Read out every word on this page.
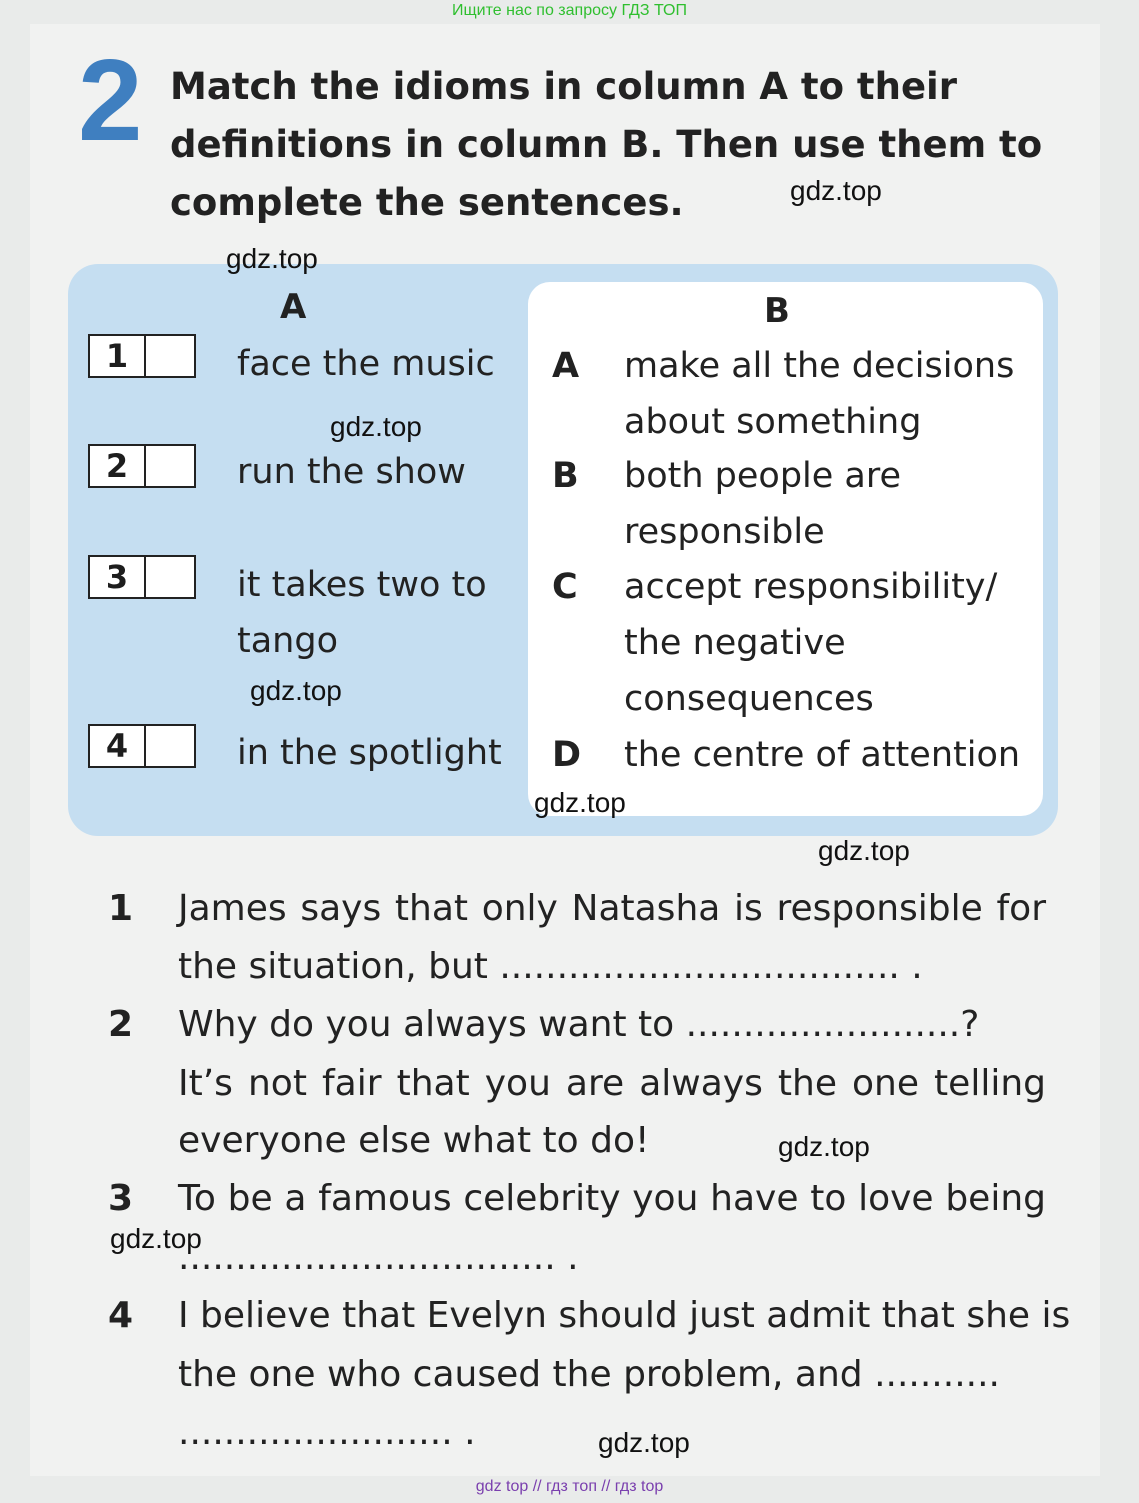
Ищите нас по запросу ГДЗ ТОП
2 Match the idioms in column A to their
definitions in column B. Then use them to
complete the sentences.
A	B
1	face the music
2	run the show
3	it takes two to
tango
4	in the spotlight
A make all the decisions
about something
B both people are
responsible
C accept responsibility/
the negative
consequences
D the centre of attention
1 James says that only Natasha is responsible for
the situation, but ................................... .
2 Why do you always want to ........................?
It’s not fair that you are always the one telling
everyone else what to do!
3 To be a famous celebrity you have to love being
................................. .
4 I believe that Evelyn should just admit that she is
the one who caused the problem, and ...........
........................ .
gdz.top
gdz.top
gdz.top
gdz.top
gdz.top
gdz.top
gdz.top
gdz.top
gdz.top
gdz top // гдз топ // гдз top
